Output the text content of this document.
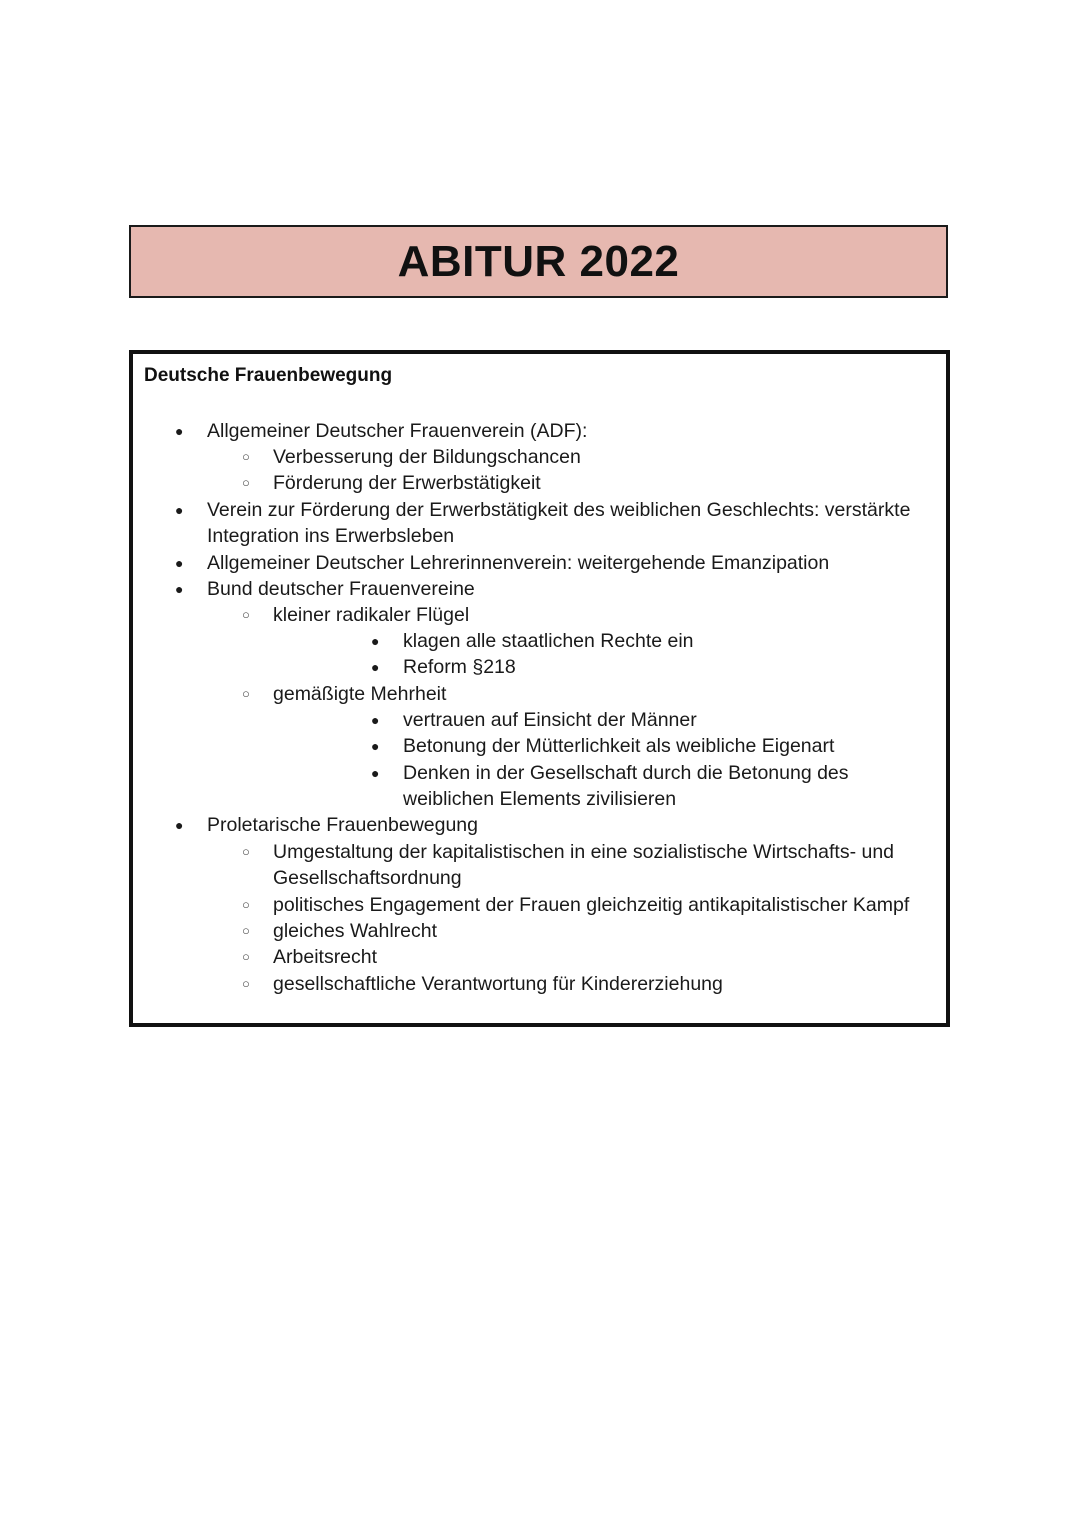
ABITUR 2022
Deutsche Frauenbewegung
● Allgemeiner Deutscher Frauenverein (ADF):
○ Verbesserung der Bildungschancen
○ Förderung der Erwerbstätigkeit
● Verein zur Förderung der Erwerbstätigkeit des weiblichen Geschlechts: verstärkte
Integration ins Erwerbsleben
● Allgemeiner Deutscher Lehrerinnenverein: weitergehende Emanzipation
● Bund deutscher Frauenvereine
○ kleiner radikaler Flügel
● klagen alle staatlichen Rechte ein
● Reform §218
○ gemäßigte Mehrheit
● vertrauen auf Einsicht der Männer
● Betonung der Mütterlichkeit als weibliche Eigenart
● Denken in der Gesellschaft durch die Betonung des
weiblichen Elements zivilisieren
● Proletarische Frauenbewegung
○ Umgestaltung der kapitalistischen in eine sozialistische Wirtschafts- und
Gesellschaftsordnung
○ politisches Engagement der Frauen gleichzeitig antikapitalistischer Kampf
○ gleiches Wahlrecht
○ Arbeitsrecht
○ gesellschaftliche Verantwortung für Kindererziehung
